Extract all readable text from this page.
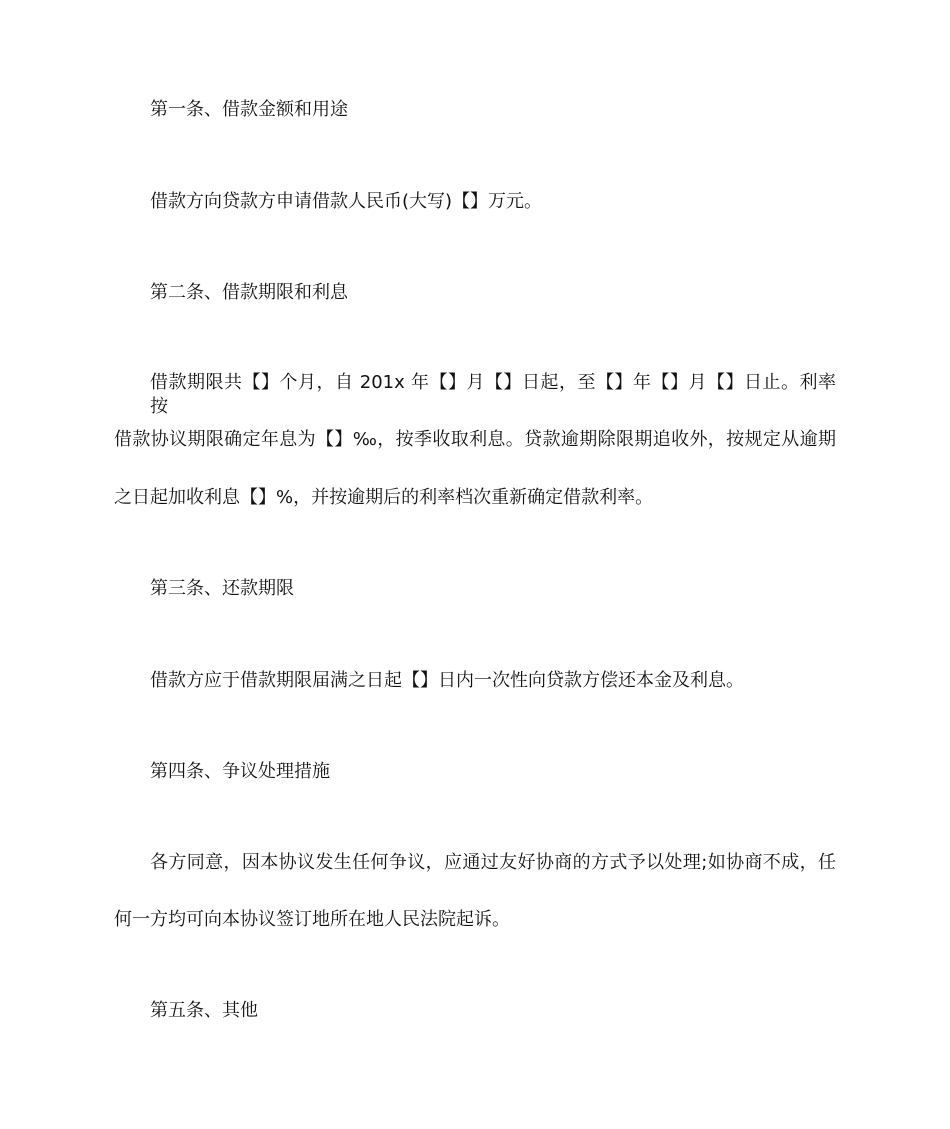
第一条、借款金额和用途
借款方向贷款方申请借款人民币(大写)【】万元。
第二条、借款期限和利息
借款期限共【】个月，自 201x 年【】月【】日起，至【】年【】月【】日止。利率按
借款协议期限确定年息为【】‰，按季收取利息。贷款逾期除限期追收外，按规定从逾期
之日起加收利息【】%，并按逾期后的利率档次重新确定借款利率。
第三条、还款期限
借款方应于借款期限届满之日起【】日内一次性向贷款方偿还本金及利息。
第四条、争议处理措施
各方同意，因本协议发生任何争议，应通过友好协商的方式予以处理;如协商不成，任
何一方均可向本协议签订地所在地人民法院起诉。
第五条、其他
